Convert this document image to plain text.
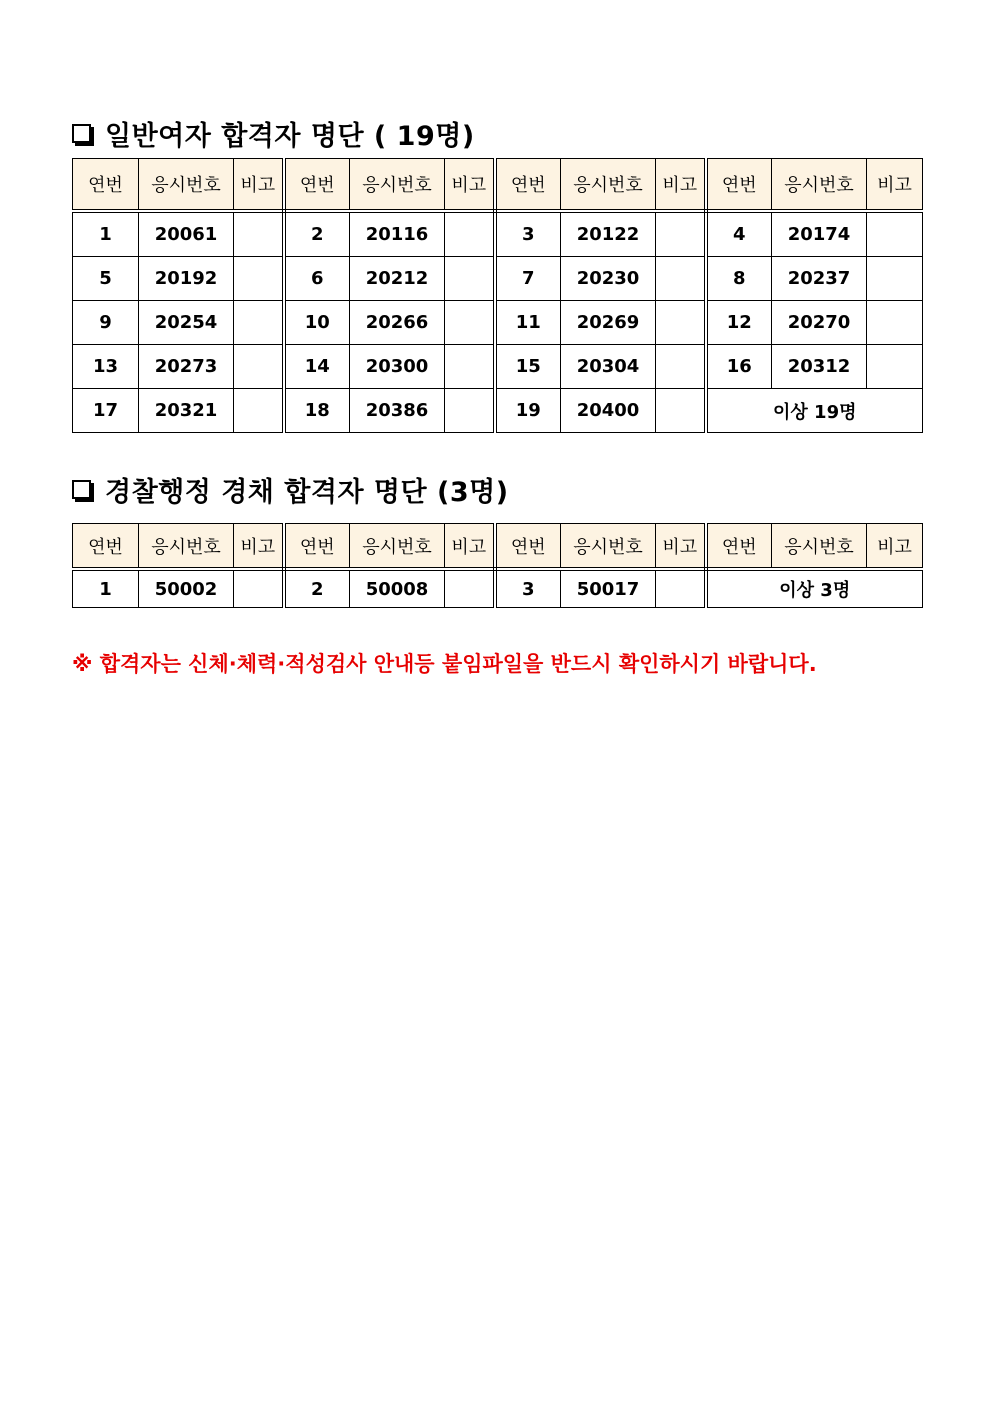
일반여자 합격자 명단 ( 19명)
연번	응시번호	비고	연번	응시번호	비고	연번	응시번호	비고	연번	응시번호	비고
1	20061		2	20116		3	20122		4	20174	
5	20192		6	20212		7	20230		8	20237	
9	20254		10	20266		11	20269		12	20270	
13	20273		14	20300		15	20304		16	20312	
17	20321		18	20386		19	20400		이상 19명		
경찰행정 경채 합격자 명단 (3명)
연번	응시번호	비고	연번	응시번호	비고	연번	응시번호	비고	연번	응시번호	비고
1	50002		2	50008		3	50017		이상 3명		

※ 합격자는 신체·체력·적성검사 안내등 붙임파일을 반드시 확인하시기 바랍니다.
